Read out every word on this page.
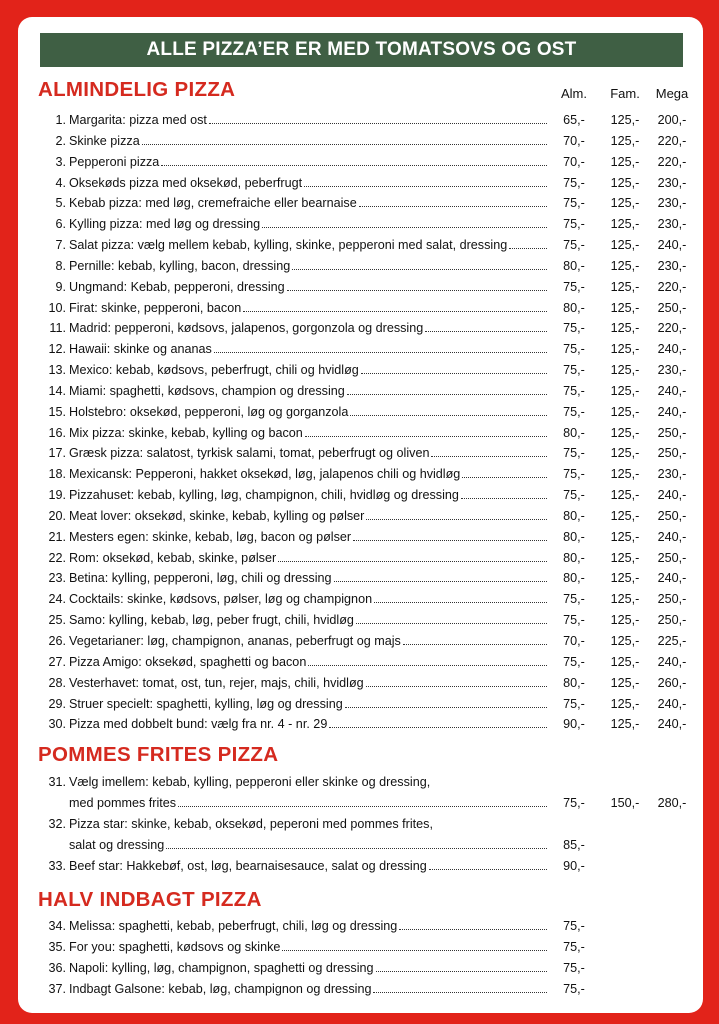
ALLE PIZZA’ER ER MED TOMATSOVS OG OST
ALMINDELIG PIZZA	Alm.	Fam.	Mega
1. Margarita: pizza med ost	65,-	125,-	200,-
2. Skinke pizza	70,-	125,-	220,-
3. Pepperoni pizza	70,-	125,-	220,-
4. Oksekøds pizza med oksekød, peberfrugt	75,-	125,-	230,-
5. Kebab pizza: med løg, cremefraiche eller bearnaise	75,-	125,-	230,-
6. Kylling pizza: med løg og dressing	75,-	125,-	230,-
7. Salat pizza: vælg mellem kebab, kylling, skinke, pepperoni med salat, dressing	75,-	125,-	240,-
8. Pernille: kebab, kylling, bacon, dressing	80,-	125,-	230,-
9. Ungmand: Kebab, pepperoni, dressing	75,-	125,-	220,-
10. Firat: skinke, pepperoni, bacon	80,-	125,-	250,-
11. Madrid: pepperoni, kødsovs, jalapenos, gorgonzola og dressing	75,-	125,-	220,-
12. Hawaii: skinke og ananas	75,-	125,-	240,-
13. Mexico: kebab, kødsovs, peberfrugt, chili og hvidløg	75,-	125,-	230,-
14. Miami: spaghetti, kødsovs, champion og dressing	75,-	125,-	240,-
15. Holstebro: oksekød, pepperoni, løg og gorganzola	75,-	125,-	240,-
16. Mix pizza: skinke, kebab, kylling og bacon	80,-	125,-	250,-
17. Græsk pizza: salatost, tyrkisk salami, tomat, peberfrugt og oliven	75,-	125,-	250,-
18. Mexicansk: Pepperoni, hakket oksekød, løg, jalapenos chili og hvidløg	75,-	125,-	230,-
19. Pizzahuset: kebab, kylling, løg, champignon, chili, hvidløg og dressing	75,-	125,-	240,-
20. Meat lover: oksekød, skinke, kebab, kylling og pølser	80,-	125,-	250,-
21. Mesters egen: skinke, kebab, løg, bacon og pølser	80,-	125,-	240,-
22. Rom: oksekød, kebab, skinke, pølser	80,-	125,-	250,-
23. Betina: kylling, pepperoni, løg, chili og dressing	80,-	125,-	240,-
24. Cocktails: skinke, kødsovs, pølser, løg og champignon	75,-	125,-	250,-
25. Samo: kylling, kebab, løg, peber frugt, chili, hvidløg	75,-	125,-	250,-
26. Vegetarianer: løg, champignon, ananas, peberfrugt og majs	70,-	125,-	225,-
27. Pizza Amigo: oksekød, spaghetti og bacon	75,-	125,-	240,-
28. Vesterhavet: tomat, ost, tun, rejer, majs, chili, hvidløg	80,-	125,-	260,-
29. Struer specielt: spaghetti, kylling, løg og dressing	75,-	125,-	240,-
30. Pizza med dobbelt bund: vælg fra nr. 4 - nr. 29	90,-	125,-	240,-
POMMES FRITES PIZZA
31. Vælg imellem: kebab, kylling, pepperoni eller skinke og dressing,
med pommes frites	75,-	150,-	280,-
32. Pizza star: skinke, kebab, oksekød, peperoni med pommes frites,
salat og dressing	85,-
33. Beef star: Hakkebøf, ost, løg, bearnaisesauce, salat og dressing	90,-
HALV INDBAGT PIZZA
34. Melissa: spaghetti, kebab, peberfrugt, chili, løg og dressing	75,-
35. For you: spaghetti, kødsovs og skinke	75,-
36. Napoli: kylling, løg, champignon, spaghetti og dressing	75,-
37. Indbagt Galsone: kebab, løg, champignon og dressing	75,-
